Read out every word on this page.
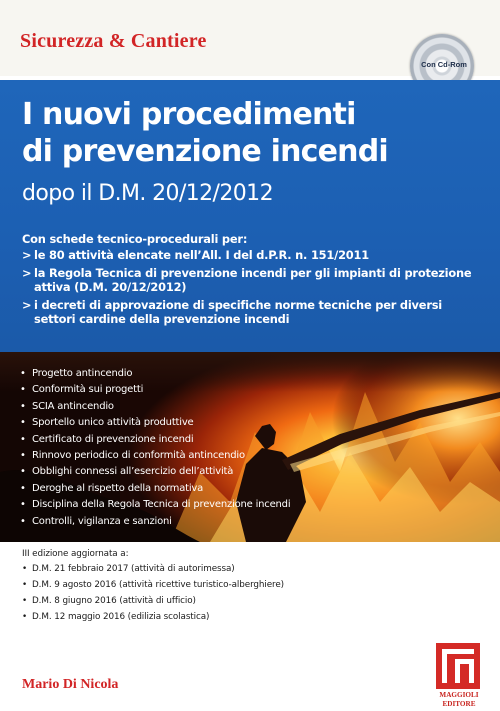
Sicurezza & Cantiere
Con Cd-Rom
I nuovi procedimenti
di prevenzione incendi
dopo il D.M. 20/12/2012
Con schede tecnico-procedurali per:
> le 80 attività elencate nell’All. I del d.P.R. n. 151/2011
> la Regola Tecnica di prevenzione incendi per gli impianti di protezione attiva (D.M. 20/12/2012)
> i decreti di approvazione di specifiche norme tecniche per diversi settori cardine della prevenzione incendi
• Progetto antincendio
• Conformità sui progetti
• SCIA antincendio
• Sportello unico attività produttive
• Certificato di prevenzione incendi
• Rinnovo periodico di conformità antincendio
• Obblighi connessi all’esercizio dell’attività
• Deroghe al rispetto della normativa
• Disciplina della Regola Tecnica di prevenzione incendi
• Controlli, vigilanza e sanzioni
III edizione aggiornata a:
• D.M. 21 febbraio 2017 (attività di autorimessa)
• D.M. 9 agosto 2016 (attività ricettive turistico-alberghiere)
• D.M. 8 giugno 2016 (attività di ufficio)
• D.M. 12 maggio 2016 (edilizia scolastica)
Mario Di Nicola
MAGGIOLI
EDITORE
